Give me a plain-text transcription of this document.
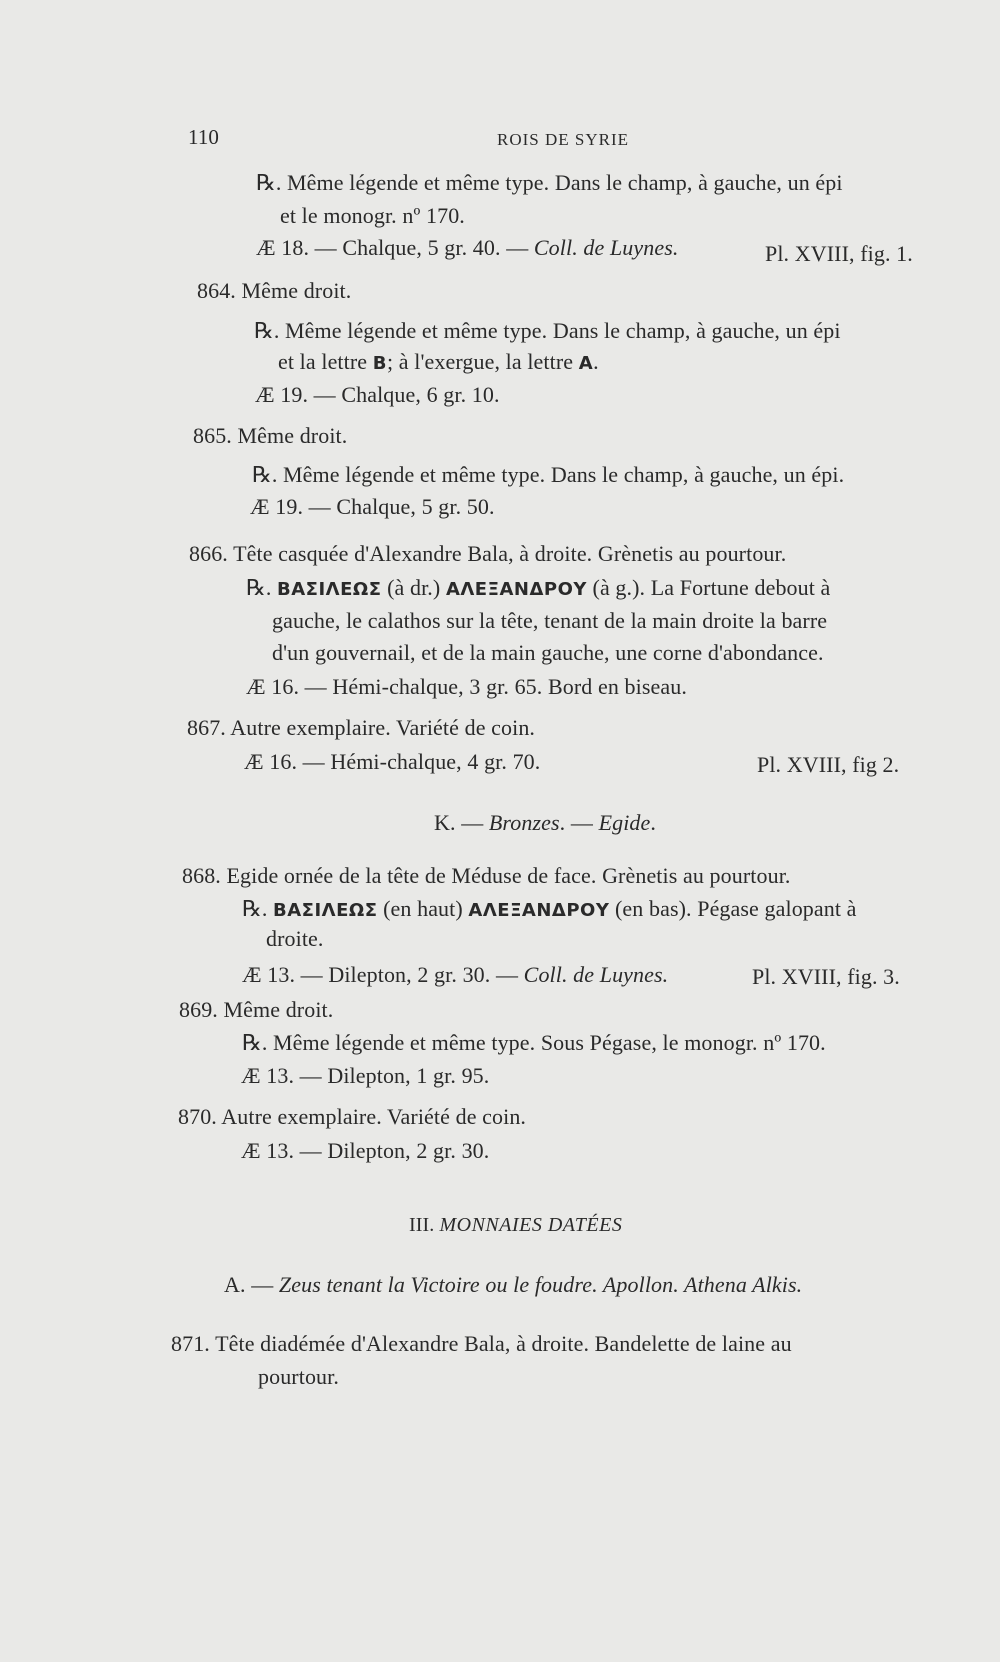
110	ROIS DE SYRIE
℞. Même légende et même type. Dans le champ, à gauche, un épi
et le monogr. nº 170.
Æ 18. — Chalque, 5 gr. 40. — Coll. de Luynes.	Pl. XVIII, fig. 1.
864. Même droit.
℞. Même légende et même type. Dans le champ, à gauche, un épi
et la lettre B; à l'exergue, la lettre A.
Æ 19. — Chalque, 6 gr. 10.
865. Même droit.
℞. Même légende et même type. Dans le champ, à gauche, un épi.
Æ 19. — Chalque, 5 gr. 50.
866. Tête casquée d'Alexandre Bala, à droite. Grènetis au pourtour.
℞. ΒΑΣΙΛΕΩΣ (à dr.) ΑΛΕΞΑΝΔΡΟΥ (à g.). La Fortune debout à
gauche, le calathos sur la tête, tenant de la main droite la barre
d'un gouvernail, et de la main gauche, une corne d'abondance.
Æ 16. — Hémi-chalque, 3 gr. 65. Bord en biseau.
867. Autre exemplaire. Variété de coin.
Æ 16. — Hémi-chalque, 4 gr. 70.	Pl. XVIII, fig 2.
K. — Bronzes. — Egide.
868. Egide ornée de la tête de Méduse de face. Grènetis au pourtour.
℞. ΒΑΣΙΛΕΩΣ (en haut) ΑΛΕΞΑΝΔΡΟΥ (en bas). Pégase galopant à
droite.
Æ 13. — Dilepton, 2 gr. 30. — Coll. de Luynes.	Pl. XVIII, fig. 3.
869. Même droit.
℞. Même légende et même type. Sous Pégase, le monogr. nº 170.
Æ 13. — Dilepton, 1 gr. 95.
870. Autre exemplaire. Variété de coin.
Æ 13. — Dilepton, 2 gr. 30.
III. MONNAIES DATÉES
A. — Zeus tenant la Victoire ou le foudre. Apollon. Athena Alkis.
871. Tête diadémée d'Alexandre Bala, à droite. Bandelette de laine au
pourtour.
